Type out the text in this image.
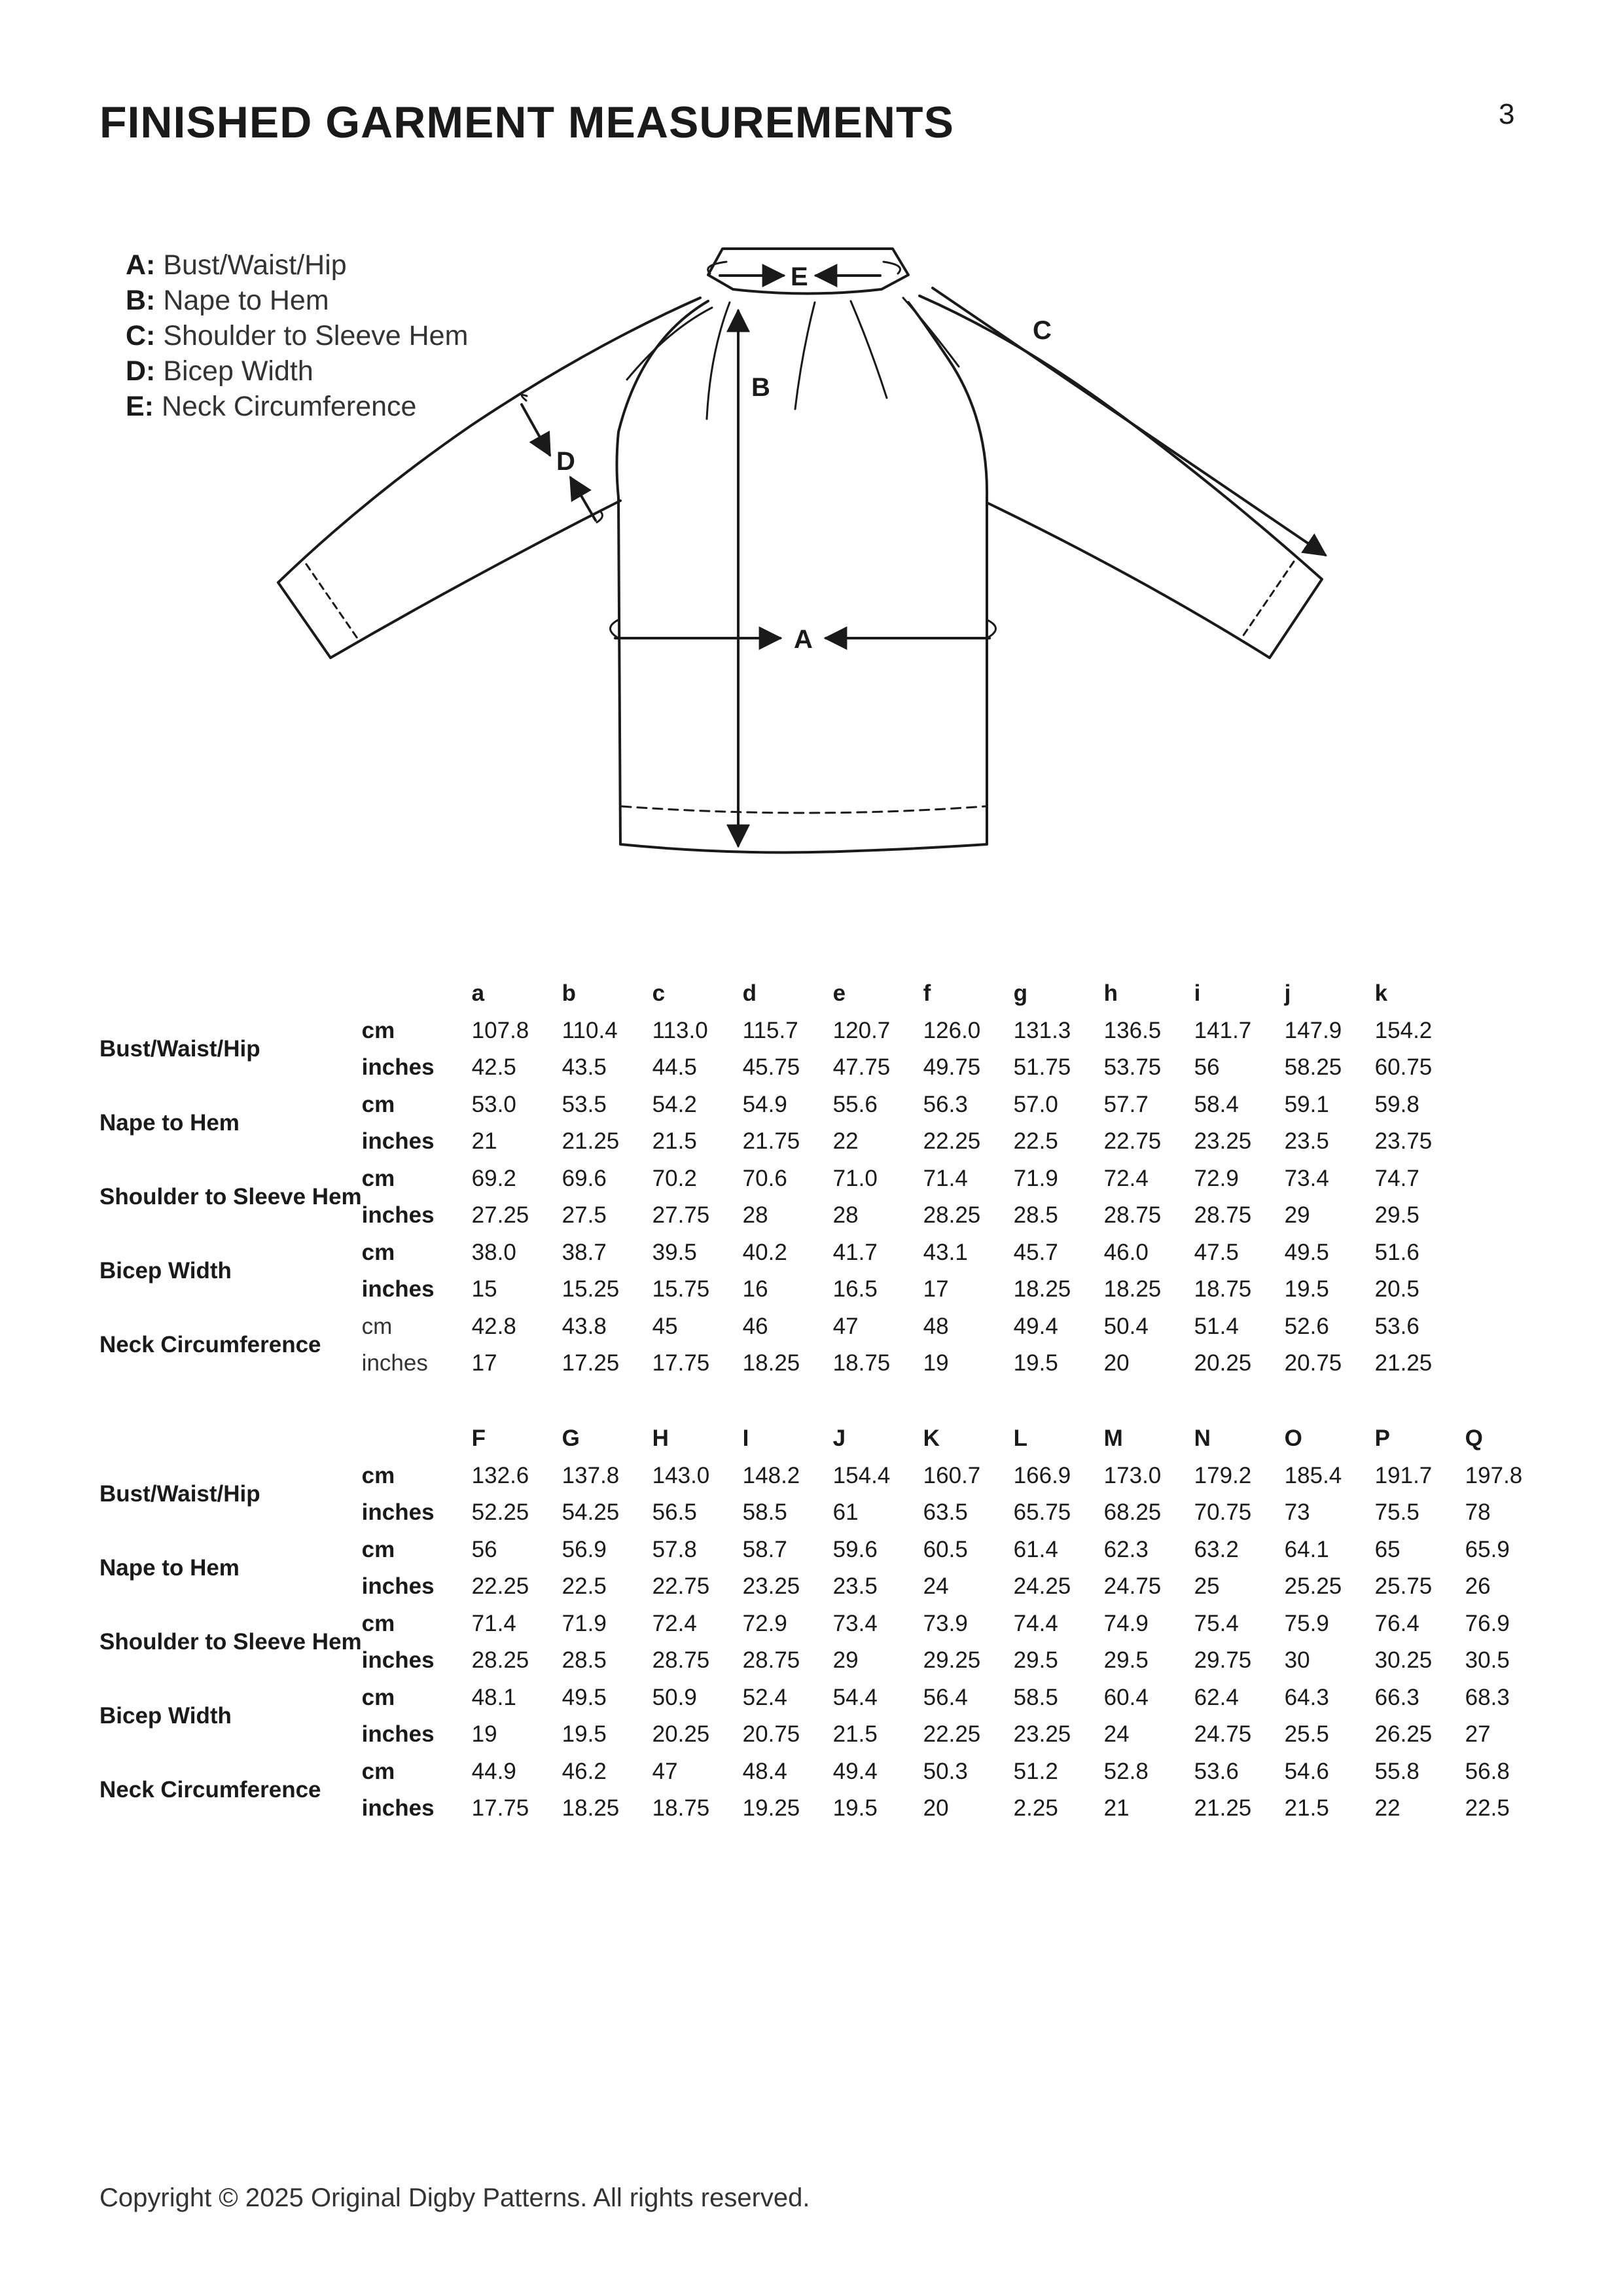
FINISHED GARMENT MEASUREMENTS	3
A: Bust/Waist/Hip
B: Nape to Hem
C: Shoulder to Sleeve Hem
D: Bicep Width
E: Neck Circumference
E
B
C
D
A
		a	b	c	d	e	f	g	h	i	j	k
Bust/Waist/Hip	cm	107.8	110.4	113.0	115.7	120.7	126.0	131.3	136.5	141.7	147.9	154.2
	inches	42.5	43.5	44.5	45.75	47.75	49.75	51.75	53.75	56	58.25	60.75
Nape to Hem	cm	53.0	53.5	54.2	54.9	55.6	56.3	57.0	57.7	58.4	59.1	59.8
	inches	21	21.25	21.5	21.75	22	22.25	22.5	22.75	23.25	23.5	23.75
Shoulder to Sleeve Hem	cm	69.2	69.6	70.2	70.6	71.0	71.4	71.9	72.4	72.9	73.4	74.7
	inches	27.25	27.5	27.75	28	28	28.25	28.5	28.75	28.75	29	29.5
Bicep Width	cm	38.0	38.7	39.5	40.2	41.7	43.1	45.7	46.0	47.5	49.5	51.6
	inches	15	15.25	15.75	16	16.5	17	18.25	18.25	18.75	19.5	20.5
Neck Circumference	cm	42.8	43.8	45	46	47	48	49.4	50.4	51.4	52.6	53.6
	inches	17	17.25	17.75	18.25	18.75	19	19.5	20	20.25	20.75	21.25
		F	G	H	I	J	K	L	M	N	O	P	Q
Bust/Waist/Hip	cm	132.6	137.8	143.0	148.2	154.4	160.7	166.9	173.0	179.2	185.4	191.7	197.8
	inches	52.25	54.25	56.5	58.5	61	63.5	65.75	68.25	70.75	73	75.5	78
Nape to Hem	cm	56	56.9	57.8	58.7	59.6	60.5	61.4	62.3	63.2	64.1	65	65.9
	inches	22.25	22.5	22.75	23.25	23.5	24	24.25	24.75	25	25.25	25.75	26
Shoulder to Sleeve Hem	cm	71.4	71.9	72.4	72.9	73.4	73.9	74.4	74.9	75.4	75.9	76.4	76.9
	inches	28.25	28.5	28.75	28.75	29	29.25	29.5	29.5	29.75	30	30.25	30.5
Bicep Width	cm	48.1	49.5	50.9	52.4	54.4	56.4	58.5	60.4	62.4	64.3	66.3	68.3
	inches	19	19.5	20.25	20.75	21.5	22.25	23.25	24	24.75	25.5	26.25	27
Neck Circumference	cm	44.9	46.2	47	48.4	49.4	50.3	51.2	52.8	53.6	54.6	55.8	56.8
	inches	17.75	18.25	18.75	19.25	19.5	20	2.25	21	21.25	21.5	22	22.5
Copyright © 2025 Original Digby Patterns. All rights reserved.
